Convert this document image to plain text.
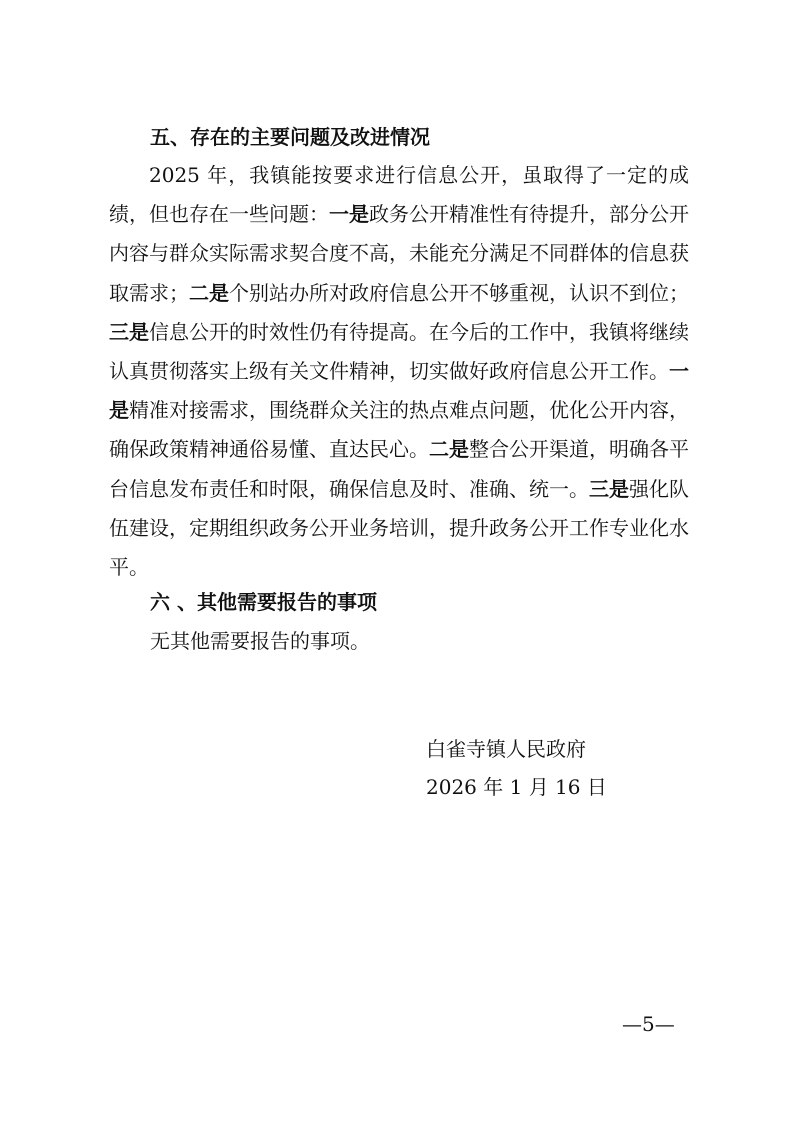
五、存在的主要问题及改进情况

2025 年，我镇能按要求进行信息公开，虽取得了一定的成绩，但也存在一些问题：一是政务公开精准性有待提升，部分公开内容与群众实际需求契合度不高，未能充分满足不同群体的信息获取需求；二是个别站办所对政府信息公开不够重视，认识不到位；三是信息公开的时效性仍有待提高。在今后的工作中，我镇将继续认真贯彻落实上级有关文件精神，切实做好政府信息公开工作。一是精准对接需求，围绕群众关注的热点难点问题，优化公开内容，确保政策精神通俗易懂、直达民心。二是整合公开渠道，明确各平台信息发布责任和时限，确保信息及时、准确、统一。三是强化队伍建设，定期组织政务公开业务培训，提升政务公开工作专业化水平。

六 、其他需要报告的事项
无其他需要报告的事项。
白雀寺镇人民政府
2026 年 1 月 16 日
—5—
